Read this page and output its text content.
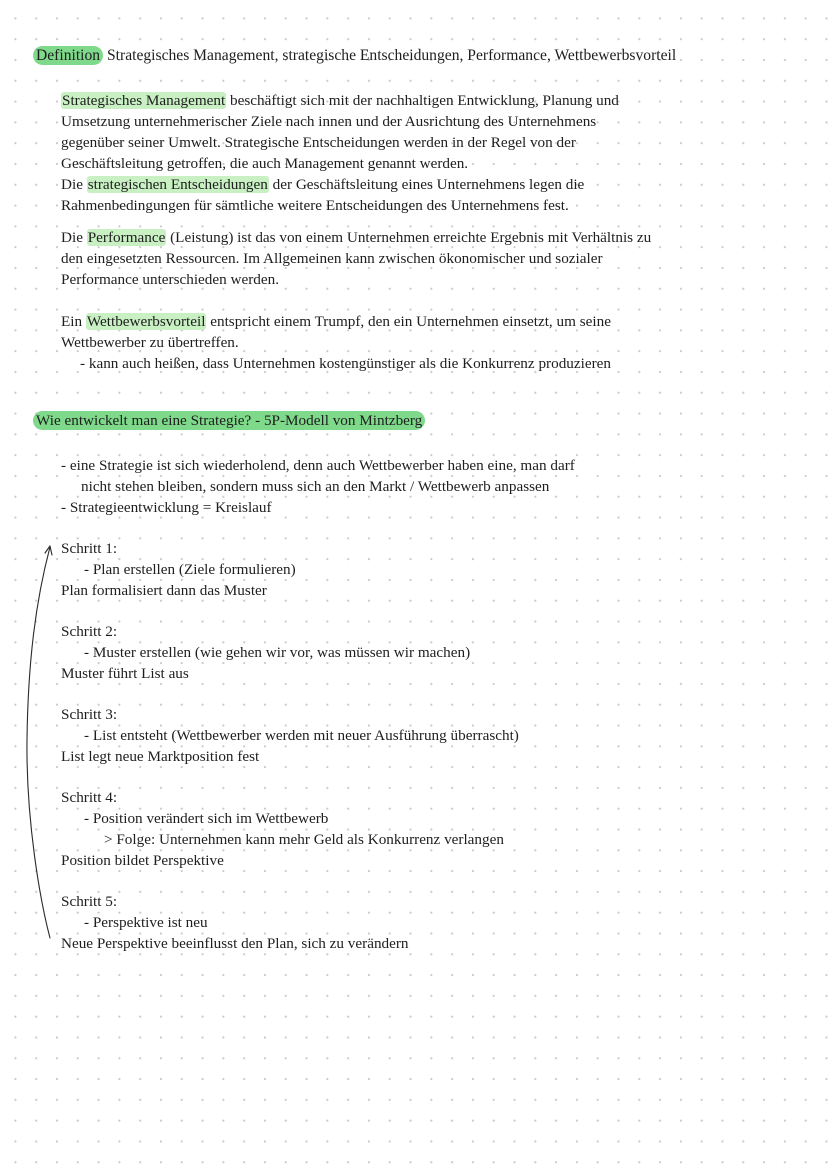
Definition Strategisches Management, strategische Entscheidungen, Performance, Wettbewerbsvorteil
Strategisches Management beschäftigt sich mit der nachhaltigen Entwicklung, Planung und
Umsetzung unternehmerischer Ziele nach innen und der Ausrichtung des Unternehmens
gegenüber seiner Umwelt. Strategische Entscheidungen werden in der Regel von der
Geschäftsleitung getroffen, die auch Management genannt werden.
Die strategischen Entscheidungen der Geschäftsleitung eines Unternehmens legen die
Rahmenbedingungen für sämtliche weitere Entscheidungen des Unternehmens fest.
Die Performance (Leistung) ist das von einem Unternehmen erreichte Ergebnis mit Verhältnis zu
den eingesetzten Ressourcen. Im Allgemeinen kann zwischen ökonomischer und sozialer
Performance unterschieden werden.
Ein Wettbewerbsvorteil entspricht einem Trumpf, den ein Unternehmen einsetzt, um seine
Wettbewerber zu übertreffen.
- kann auch heißen, dass Unternehmen kostengünstiger als die Konkurrenz produzieren
Wie entwickelt man eine Strategie? - 5P-Modell von Mintzberg
- eine Strategie ist sich wiederholend, denn auch Wettbewerber haben eine, man darf
nicht stehen bleiben, sondern muss sich an den Markt / Wettbewerb anpassen
- Strategieentwicklung = Kreislauf
Schritt 1:
- Plan erstellen (Ziele formulieren)
Plan formalisiert dann das Muster
Schritt 2:
- Muster erstellen (wie gehen wir vor, was müssen wir machen)
Muster führt List aus
Schritt 3:
- List entsteht (Wettbewerber werden mit neuer Ausführung überrascht)
List legt neue Marktposition fest
Schritt 4:
- Position verändert sich im Wettbewerb
> Folge: Unternehmen kann mehr Geld als Konkurrenz verlangen
Position bildet Perspektive
Schritt 5:
- Perspektive ist neu
Neue Perspektive beeinflusst den Plan, sich zu verändern
